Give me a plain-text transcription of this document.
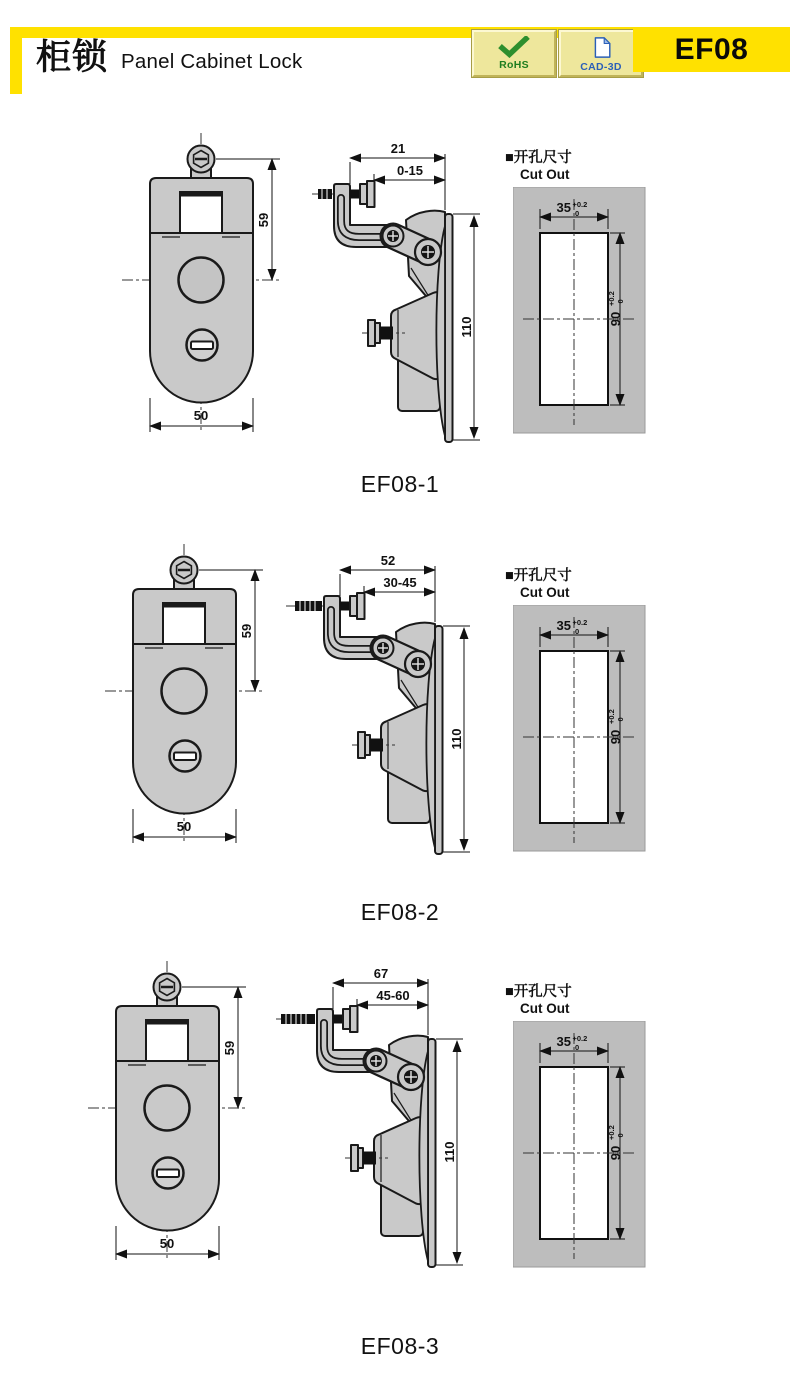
柜锁 Panel Cabinet Lock	RoHS	CAD-3D
EF08
59
50
21
0-15
110
■开孔尺寸
Cut Out
35 +0.2
0
90
+0.2 0
EF08-1
59
50
52
30-45
110
■开孔尺寸
Cut Out
35 +0.2
0
90
+0.2 0
EF08-2
59
50
67
45-60
110
■开孔尺寸
Cut Out
35 +0.2
0
90
+0.2 0
EF08-3
